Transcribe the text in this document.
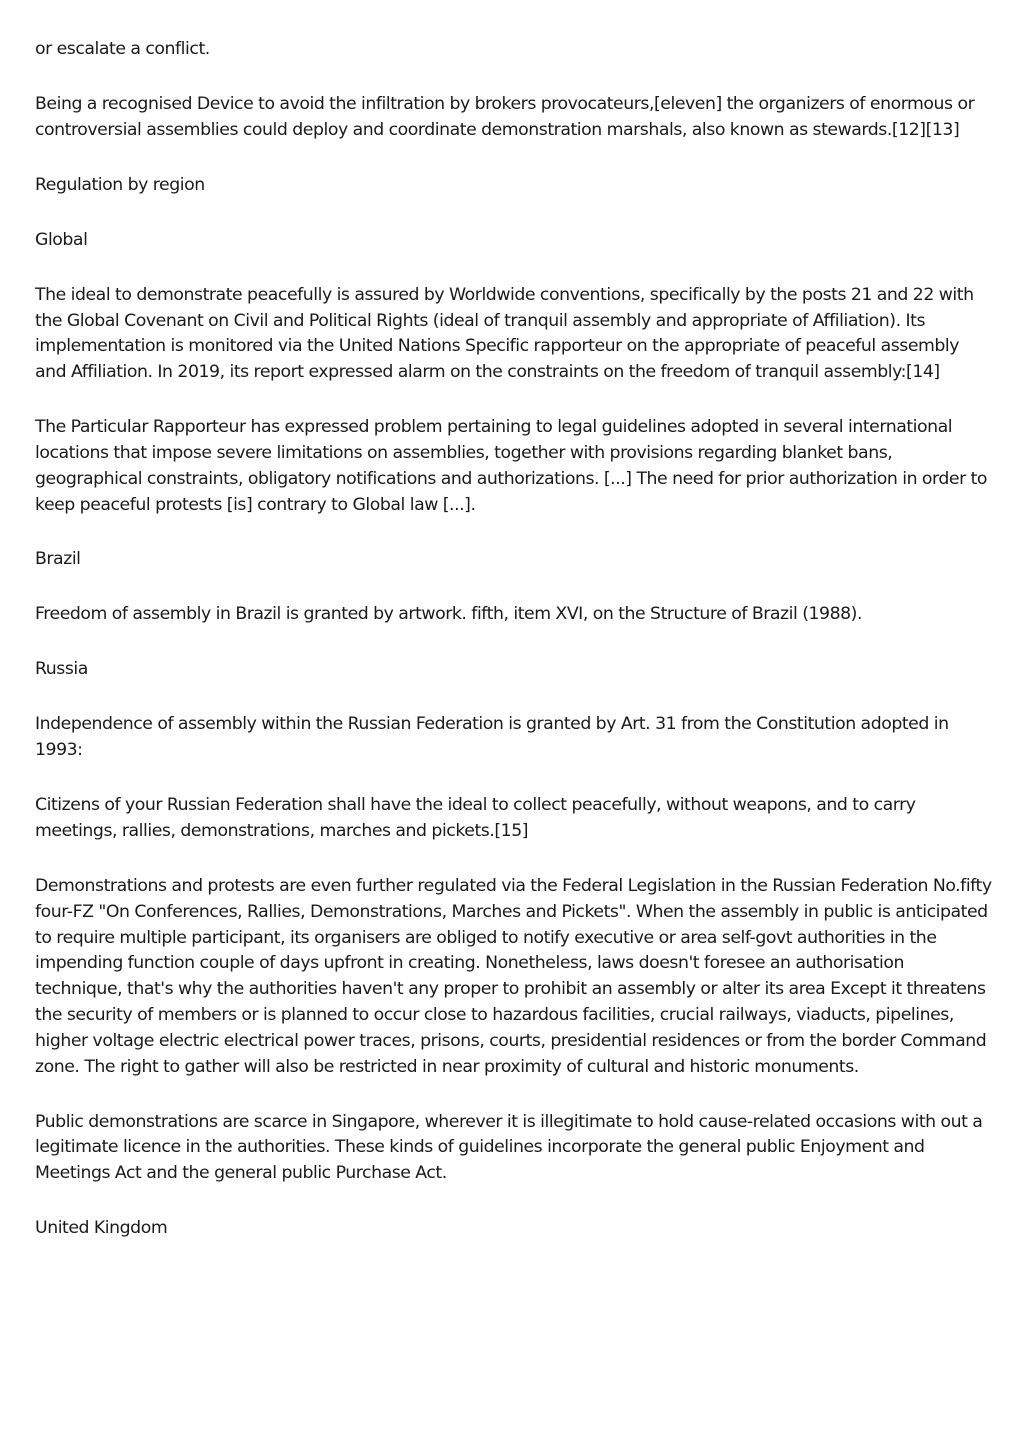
or escalate a conflict.

Being a recognised Device to avoid the infiltration by brokers provocateurs,[eleven] the organizers of enormous or controversial assemblies could deploy and coordinate demonstration marshals, also known as stewards.[12][13]

Regulation by region

Global

The ideal to demonstrate peacefully is assured by Worldwide conventions, specifically by the posts 21 and 22 with the Global Covenant on Civil and Political Rights (ideal of tranquil assembly and appropriate of Affiliation). Its implementation is monitored via the United Nations Specific rapporteur on the appropriate of peaceful assembly and Affiliation. In 2019, its report expressed alarm on the constraints on the freedom of tranquil assembly:[14]

The Particular Rapporteur has expressed problem pertaining to legal guidelines adopted in several international locations that impose severe limitations on assemblies, together with provisions regarding blanket bans, geographical constraints, obligatory notifications and authorizations. [...] The need for prior authorization in order to keep peaceful protests [is] contrary to Global law [...].

Brazil

Freedom of assembly in Brazil is granted by artwork. fifth, item XVI, on the Structure of Brazil (1988).

Russia

Independence of assembly within the Russian Federation is granted by Art. 31 from the Constitution adopted in 1993:

Citizens of your Russian Federation shall have the ideal to collect peacefully, without weapons, and to carry meetings, rallies, demonstrations, marches and pickets.[15]

Demonstrations and protests are even further regulated via the Federal Legislation in the Russian Federation No.fifty four-FZ "On Conferences, Rallies, Demonstrations, Marches and Pickets". When the assembly in public is anticipated to require multiple participant, its organisers are obliged to notify executive or area self-govt authorities in the impending function couple of days upfront in creating. Nonetheless, laws doesn't foresee an authorisation technique, that's why the authorities haven't any proper to prohibit an assembly or alter its area Except it threatens the security of members or is planned to occur close to hazardous facilities, crucial railways, viaducts, pipelines, higher voltage electric electrical power traces, prisons, courts, presidential residences or from the border Command zone. The right to gather will also be restricted in near proximity of cultural and historic monuments.

Public demonstrations are scarce in Singapore, wherever it is illegitimate to hold cause-related occasions with out a legitimate licence in the authorities. These kinds of guidelines incorporate the general public Enjoyment and Meetings Act and the general public Purchase Act.

United Kingdom
